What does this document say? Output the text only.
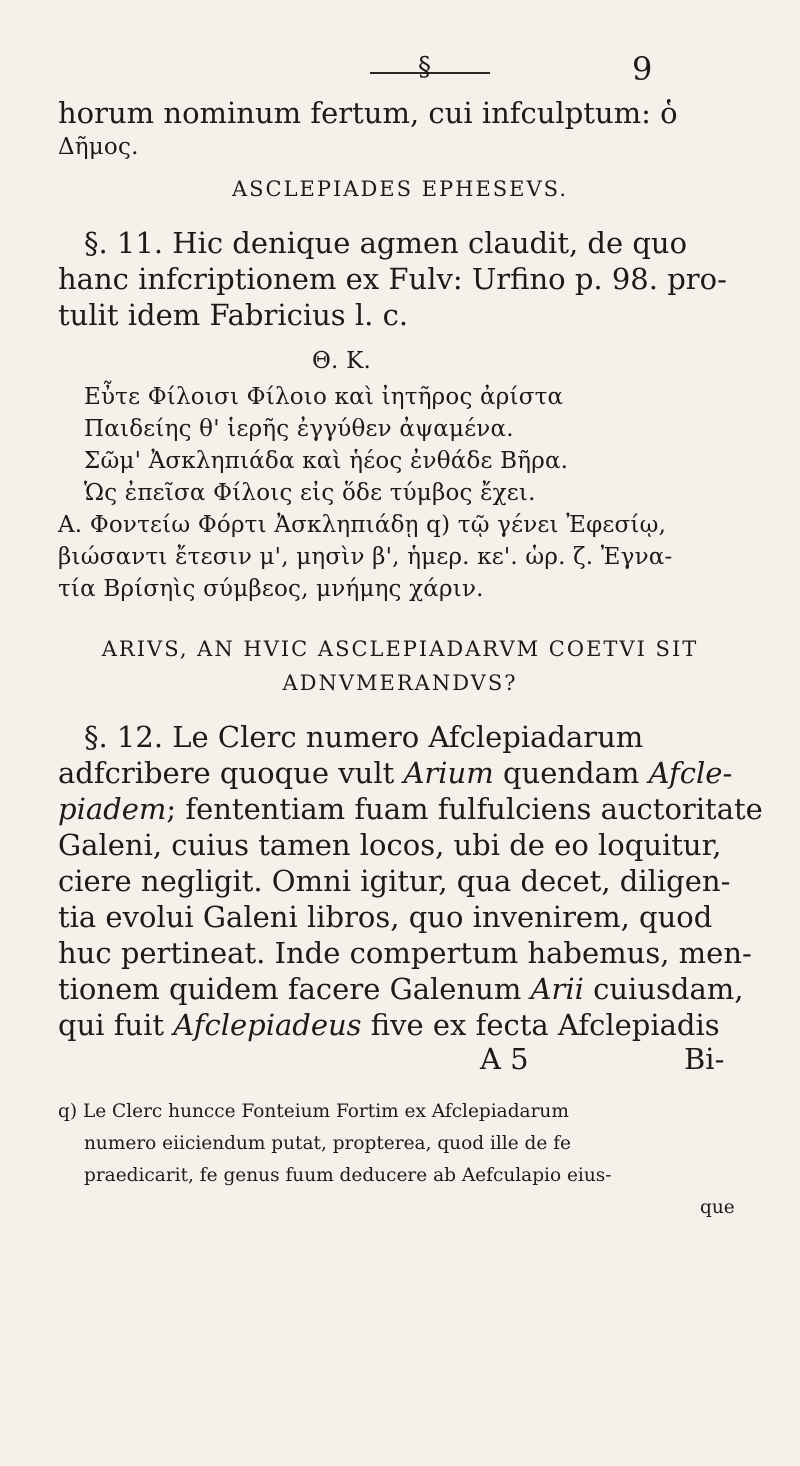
§	9
horum nominum fertum, cui infculptum: ὁ
Δῆμος.
ASCLEPIADES EPHESEVS.
§. 11. Hic denique agmen claudit, de quo
hanc infcriptionem ex Fulv: Urfino p. 98. pro-
tulit idem Fabricius l. c.
Θ. Κ.
Εὖτε Φίλοισι Φίλοιο καὶ ἰητῆρος ἀρίστα
Παιδείης θ' ἱερῆς ἐγγύθεν ἀψαμένα.
Σῶμ' Ἀσκληπιάδα καὶ ἡέος ἐνθάδε Βῆρα.
Ὡς ἐπεῖσα Φίλοις εἰς ὅδε τύμβος ἔχει.
Α. Φοντείω Φόρτι Ἀσκληπιάδῃ q) τῷ γένει Ἐφεσίῳ,
βιώσαντι ἔτεσιν μ', μησὶν β', ἡμερ. κε'. ὡρ. ζ. Ἐγνα-
τία Βρίσηὶς σύμβεος, μνήμης χάριν.
ARIVS, AN HVIC ASCLEPIADARVM COETVI SIT
ADNVMERANDVS?
§. 12. Le Clerc numero Afclepiadarum
adfcribere quoque vult Arium quendam Afcle-
piadem; fententiam fuam fulfulciens auctoritate
Galeni, cuius tamen locos, ubi de eo loquitur,
ciere negligit. Omni igitur, qua decet, diligen-
tia evolui Galeni libros, quo invenirem, quod
huc pertineat. Inde compertum habemus, men-
tionem quidem facere Galenum Arii cuiusdam,
qui fuit Afclepiadeus five ex fecta Afclepiadis
A 5	Bi-
q) Le Clerc huncce Fonteium Fortim ex Afclepiadarum
numero eiiciendum putat, propterea, quod ille de fe
praedicarit, fe genus fuum deducere ab Aefculapio eius-
que
